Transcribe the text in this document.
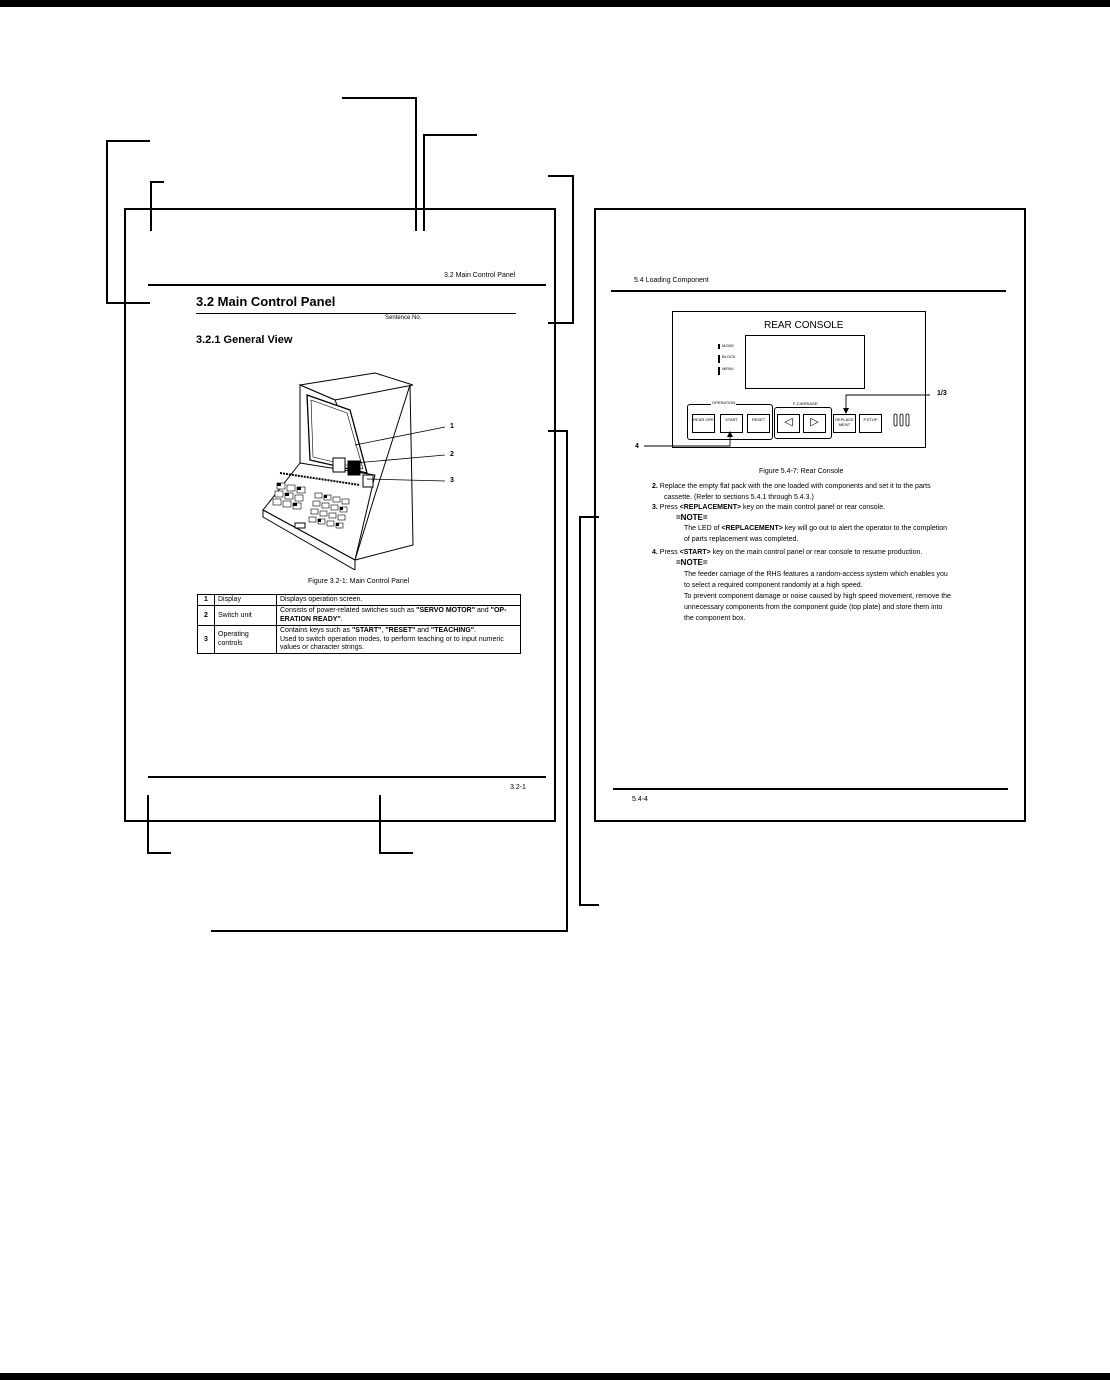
3.2 Main Control Panel
3.2 Main Control Panel
Sentence No.
3.2.1 General View
1
2
3
Figure 3.2-1: Main Control Panel
1	Display	Displays operation screen.
2	Switch unit	Consists of power-related switches such as "SERVO MOTOR" and "OP-ERATION READY".
3	Operating controls	Contains keys such as "START", "RESET" and "TEACHING".
Used to switch operation modes, to perform teaching or to input numeric values or character strings.
3.2-1
5.4 Loading Component
REAR CONSOLE
MODE
BLOCK
MENU
OPERATION	F-CARRIAGE
REAR OPE	START	RESET	◁	▷	REPLACE MENT
P.STOP
1/3
4
Figure 5.4-7: Rear Console
2. Replace the empty flat pack with the one loaded with components and set it to the parts
cassette. (Refer to sections 5.4.1 through 5.4.3.)
3. Press <REPLACEMENT> key on the main control panel or rear console.
=NOTE=
The LED of <REPLACEMENT> key will go out to alert the operator to the completion
of parts replacement was completed.
4. Press <START> key on the main control panel or rear console to resume production.
=NOTE=
The feeder carriage of the RHS features a random-access system which enables you
to select a required component randomly at a high speed.
To prevent component damage or noise caused by high speed movement, remove the
unnecessary components from the component guide (top plate) and store them into
the component box.
5.4-4
